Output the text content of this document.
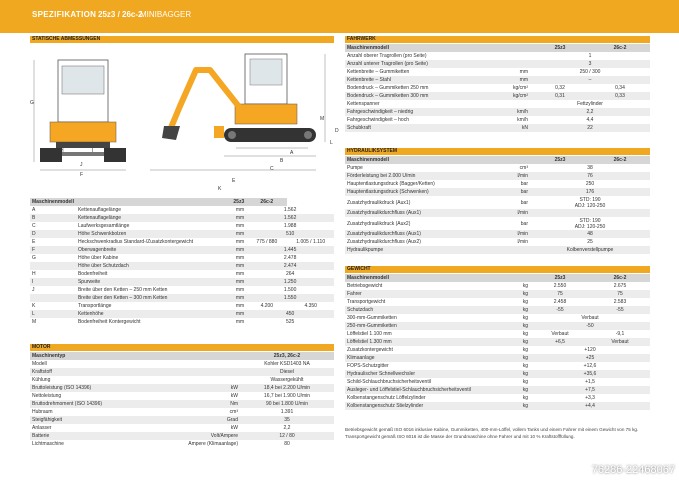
SPEZIFIKATION 25z3 / 26c-2
MINIBAGGER
STATISCHE ABMESSUNGEN
A
B
C
D
E
F
G
H	I
J
K
L
M
Maschinenmodell		25z3	26c-2	
A	Kettenauflagelänge	mm	1.562	
B	Kettenauflagelänge	mm	1.562	
C	Laufwerksgesamtlänge	mm	1.988	
D	Höhe Schwenkbolzen	mm	510	
E	Heckschwenkradius Standard-/Zusatzkontergewicht	mm	775 / 880	1.005 / 1.110
F	Oberwagenbreite	mm	1.445	
G	Höhe über Kabine	mm	2.478	
	Höhe über Schutzdach	mm	2.474	
H	Bodenfreiheit	mm	264	
I	Spurweite	mm	1.250	
J	Breite über den Ketten – 250 mm Ketten	mm	1.500	
	Breite über den Ketten – 300 mm Ketten	mm	1.550	
K	Transportlänge	mm	4.200	4.350
L	Kettenhöhe	mm	450	
M	Bodenfreiheit Kontergewicht	mm	525	
MOTOR
Maschinentyp		25z3, 26c-2
Modell		Kohler KSD1403 NA
Kraftstoff		Diesel
Kühlung		Wassergekühlt
Bruttoleistung (ISO 14396)	kW	18,4 bei 2.200 U/min
Nettoleistung	kW	16,7 bei 1.900 U/min
Bruttodrehmoment (ISO 14396)	Nm	90 bei 1.800 U/min
Hubraum	cm³	1.391
Steigfähigkeit	Grad	35
Anlasser	kW	2,2
Batterie	Volt/Ampere	12 / 80
Lichtmaschine	Ampere (Klimaanlage)	80
FAHRWERK
Maschinenmodell		25z3	26c-2
Anzahl oberer Tragrollen (pro Seite)		1	
Anzahl unterer Tragrollen (pro Seite)		3	
Kettenbreite – Gummiketten	mm	250 / 300	
Kettenbreite – Stahl	mm	–	
Bodendruck – Gummiketten 250 mm	kg/cm²	0,32	0,34
Bodendruck – Gummiketten 300 mm	kg/cm²	0,31	0,33
Kettenspanner		Fettzylinder	
Fahrgeschwindigkeit – niedrig	km/h	2,2	
Fahrgeschwindigkeit – hoch	km/h	4,4	
Schubkraft	kN	22	
HYDRAULIKSYSTEM
Maschinenmodell		25z3	26c-2
Pumpe	cm³	38	
Förderleistung bei 2.000 U/min	l/min	76	
Hauptentlastungsdruck (Bagger/Ketten)	bar	250	
Hauptentlastungsdruck (Schwenken)	bar	176	
Zusatzhydraulikdruck (Aux1)	bar	STD: 190
ADJ: 120-250	
Zusatzhydraulikdurchfluss (Aux1)	l/min		
Zusatzhydraulikdruck (Aux2)	bar	STD: 190
ADJ: 120-250	
Zusatzhydraulikdurchfluss (Aux1)	l/min	48	
Zusatzhydraulikdurchfluss (Aux2)	l/min	25	
Hydraulikpumpe		Kolbenverstellpumpe	
GEWICHT
Maschinenmodell		25z3	26c-2
Betriebsgewicht	kg	2.550	2.675
Fahrer	kg	75	75
Transportgewicht	kg	2.458	2.583
Schutzdach	kg	-55	-55
300-mm-Gummiketten	kg	Verbaut	
250-mm-Gummiketten	kg	-50	
Löffelstiel 1.100 mm	kg	Verbaut	-9,1
Löffelstiel 1.300 mm	kg	+6,5	Verbaut
Zusatzkontergewicht	kg	+120	
Klimaanlage	kg	+25	
FOPS-Schutzgitter	kg	+12,6	
Hydraulischer Schnellwechsler	kg	+35,6	
Schild-Schlauchbruchsicherheitsventil	kg	+1,5	
Ausleger- und Löffelstiel-Schlauchbruchsicherheitsventil	kg	+7,5	
Kolbenstangenschutz Löffelzylinder	kg	+3,3	
Kolbenstangenschutz Stielzylinder	kg	+4,4	
Betriebsgewicht gemäß ISO 6016 inklusive Kabine, Gummiketten, 400-mm-Löffel, vollem Tanks und einem Fahrer mit einem Gewicht von 75 kg.
Transportgewicht gemäß ISO 6016 ist die Masse der Grundmaschine ohne Fahrer und mit 10 % Kraftstofffüllung.
76286-22468067
